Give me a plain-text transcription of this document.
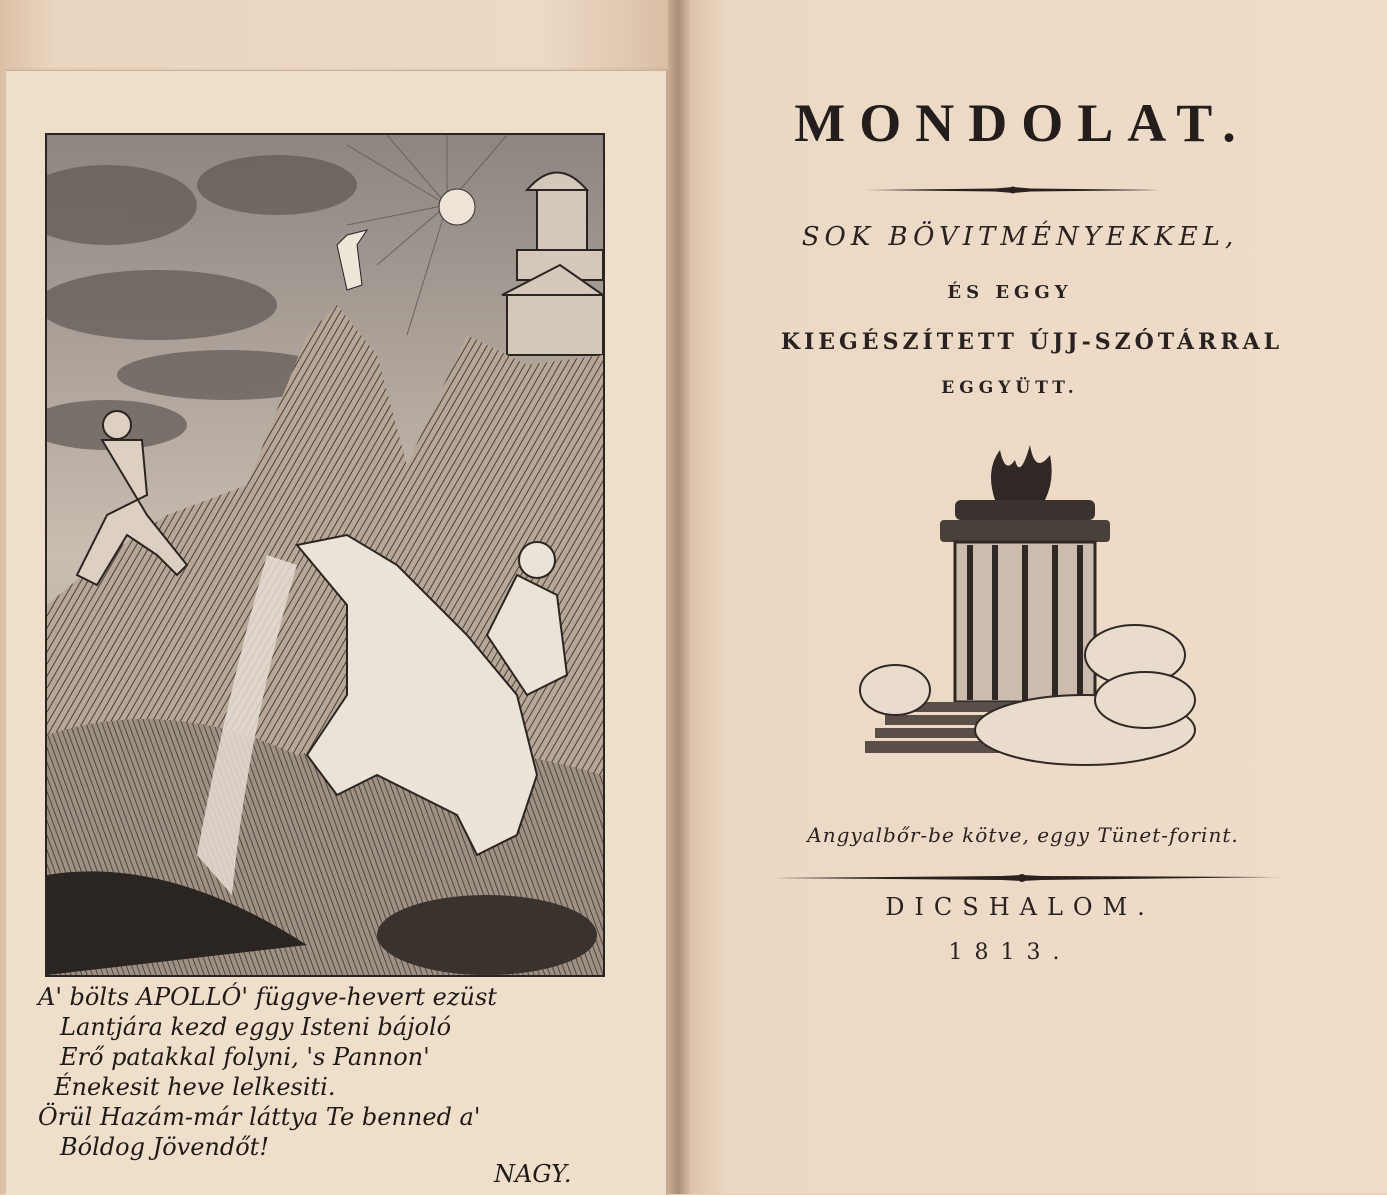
A' bölts APOLLÓ' függve-hevert ezüst
Lantjára kezd eggy Isteni bájoló
Erő patakkal folyni, 's Pannon'
Énekesit heve lelkesiti.
Örül Hazám-már láttya Te benned a'
Bóldog Jövendőt!
NAGY.
MONDOLAT.
SOK BÖVITMÉNYEKKEL,
ÉS EGGY
KIEGÉSZÍTETT ÚJJ-SZÓTÁRRAL
EGGYÜTT.
Angyalbőr-be kötve, eggy Tünet-forint.
DICSHALOM.
1813.
